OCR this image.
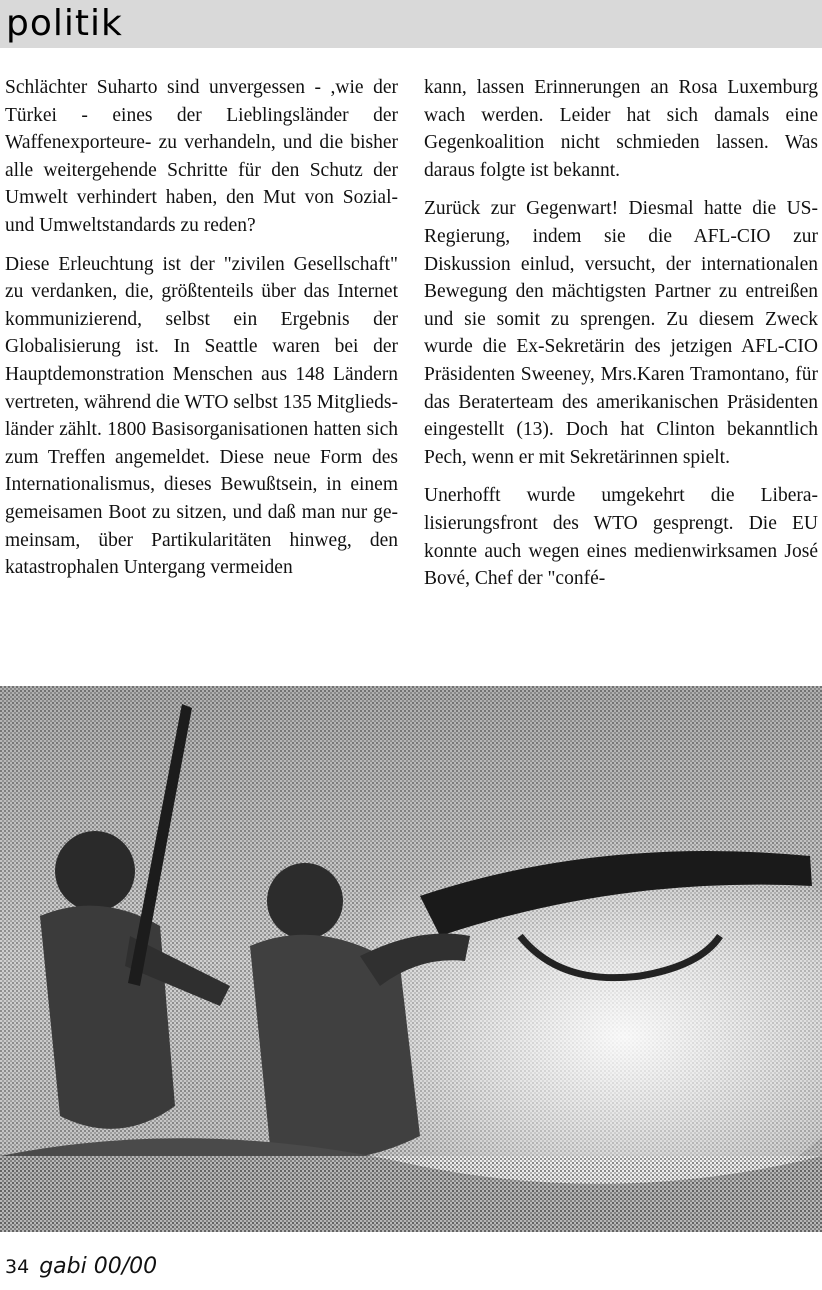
politik

Schlächter Suharto sind unvergessen - ,wie der Türkei - eines der Lieblingsländer der Waffenexporteure- zu verhandeln, und die bisher alle weitergehende Schritte für den Schutz der Umwelt verhindert haben, den Mut von Sozial- und Umweltstandards zu reden?

Diese Erleuchtung ist der "zivilen Gesellschaft" zu verdanken, die, größtenteils über das Internet kommunizierend, selbst ein Ergebnis der Globalisierung ist. In Seattle waren bei der Hauptdemonstration Menschen aus 148 Ländern vertreten, während die WTO selbst 135 Mitgliedsländer zählt. 1800 Basisorganisationen hatten sich zum Treffen angemeldet. Diese neue Form des Internationalismus, dieses Bewußtsein, in einem gemeisamen Boot zu sitzen, und daß man nur gemeinsam, über Partikularitäten hinweg, den katastrophalen Untergang vermeiden

kann, lassen Erinnerungen an Rosa Luxemburg wach werden. Leider hat sich damals eine Gegenkoalition nicht schmieden lassen. Was daraus folgte ist bekannt.

Zurück zur Gegenwart! Diesmal hatte die US-Regierung, indem sie die AFL-CIO zur Diskussion einlud, versucht, der internationalen Bewegung den mächtigsten Partner zu entreißen und sie somit zu sprengen. Zu diesem Zweck wurde die Ex-Sekretärin des jetzigen AFL-CIO Präsidenten Sweeney, Mrs.Karen Tramontano, für das Beraterteam des amerikanischen Präsidenten eingestellt (13). Doch hat Clinton bekanntlich Pech, wenn er mit Sekretärinnen spielt.

Unerhofft wurde umgekehrt die Liberalisierungsfront des WTO gesprengt. Die EU konnte auch wegen eines medienwirksamen José Bové, Chef der "confé-

34 gabi 00/00
